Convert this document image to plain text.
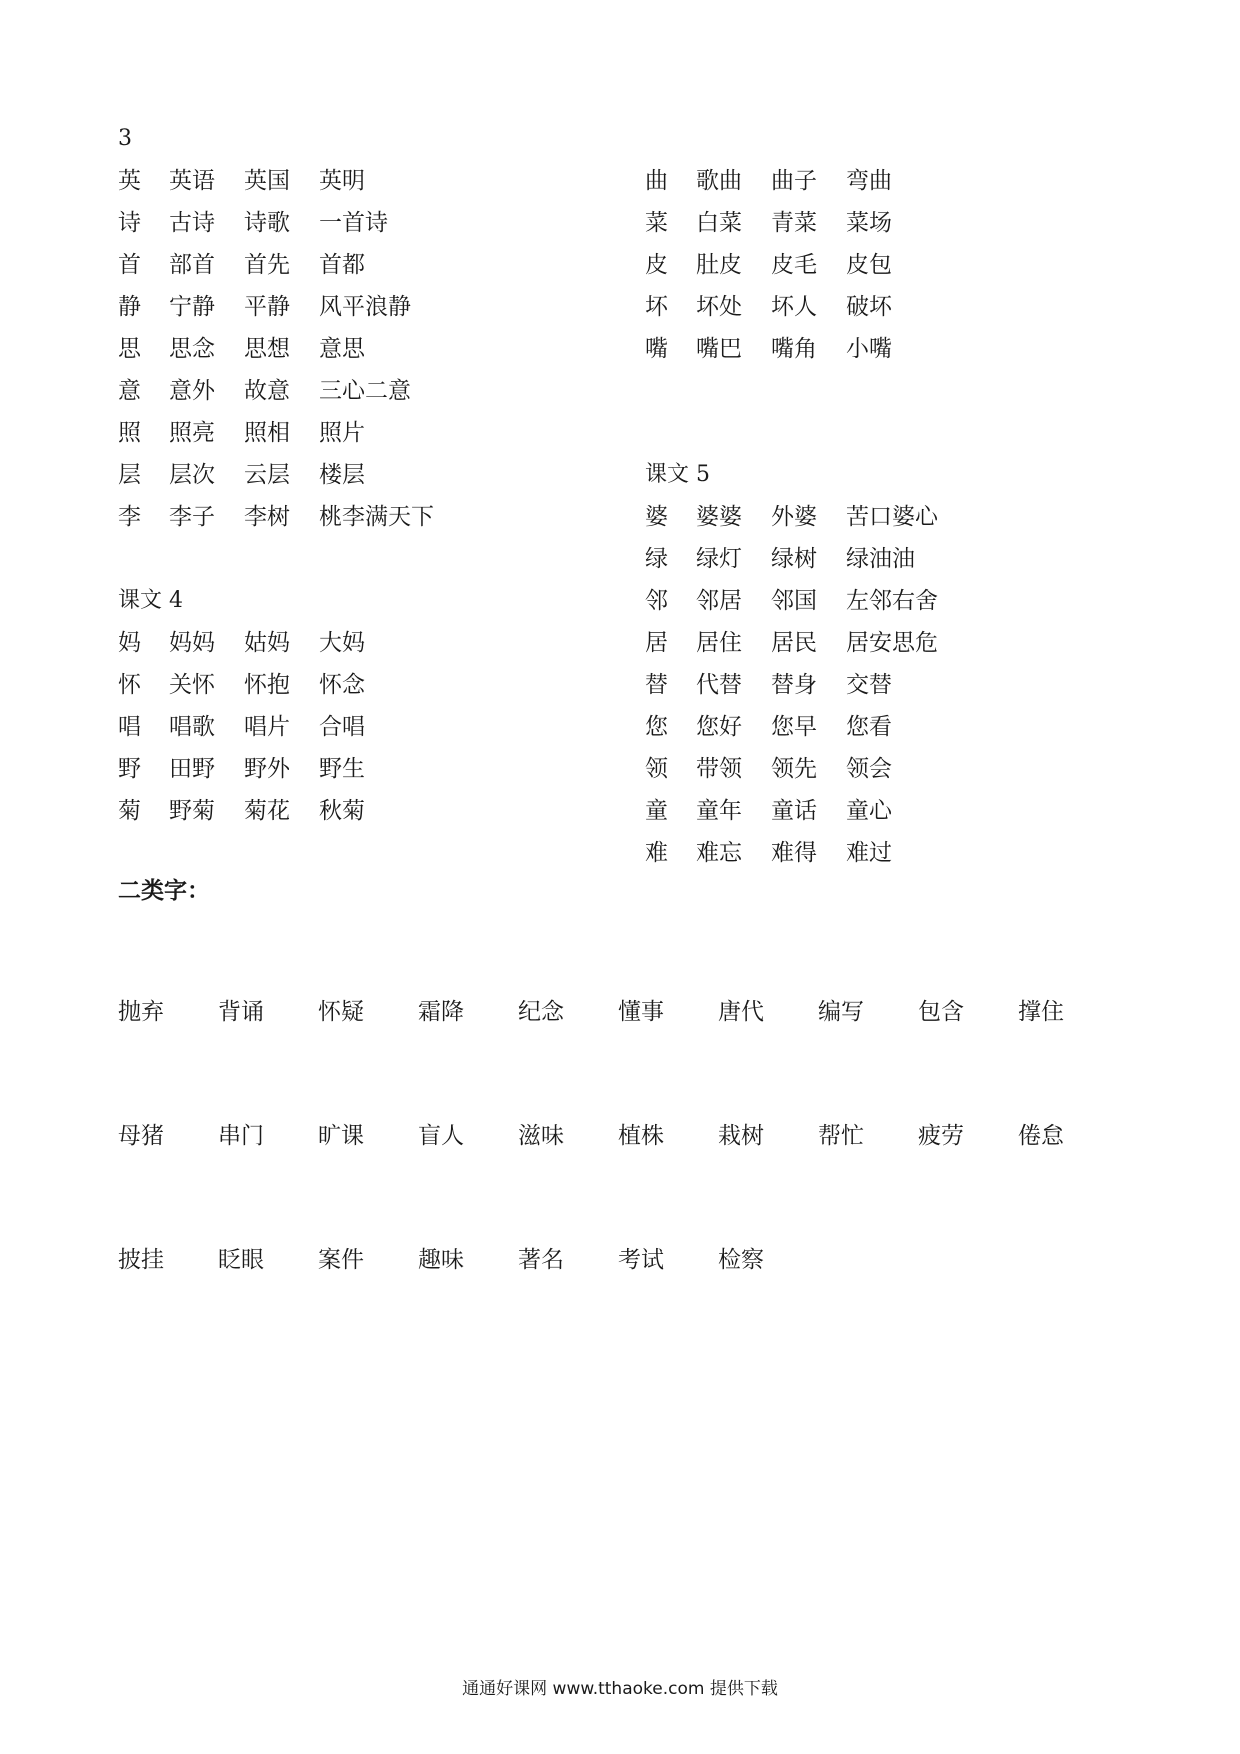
3
英	英语	英国	英明
诗	古诗	诗歌	一首诗
首	部首	首先	首都
静	宁静	平静	风平浪静
思	思念	思想	意思
意	意外	故意	三心二意
照	照亮	照相	照片
层	层次	云层	楼层
李	李子	李树	桃李满天下
课文 4
妈	妈妈	姑妈	大妈
怀	关怀	怀抱	怀念
唱	唱歌	唱片	合唱
野	田野	野外	野生
菊	野菊	菊花	秋菊
曲	歌曲	曲子	弯曲
菜	白菜	青菜	菜场
皮	肚皮	皮毛	皮包
坏	坏处	坏人	破坏
嘴	嘴巴	嘴角	小嘴
课文 5
婆	婆婆	外婆	苦口婆心
绿	绿灯	绿树	绿油油
邻	邻居	邻国	左邻右舍
居	居住	居民	居安思危
替	代替	替身	交替
您	您好	您早	您看
领	带领	领先	领会
童	童年	童话	童心
难	难忘	难得	难过
二类字：
抛弃	背诵	怀疑	霜降	纪念	懂事	唐代	编写	包含	撑住
母猪	串门	旷课	盲人	滋味	植株	栽树	帮忙	疲劳	倦怠
披挂	眨眼	案件	趣味	著名	考试	检察
通通好课网 www.tthaoke.com 提供下载
